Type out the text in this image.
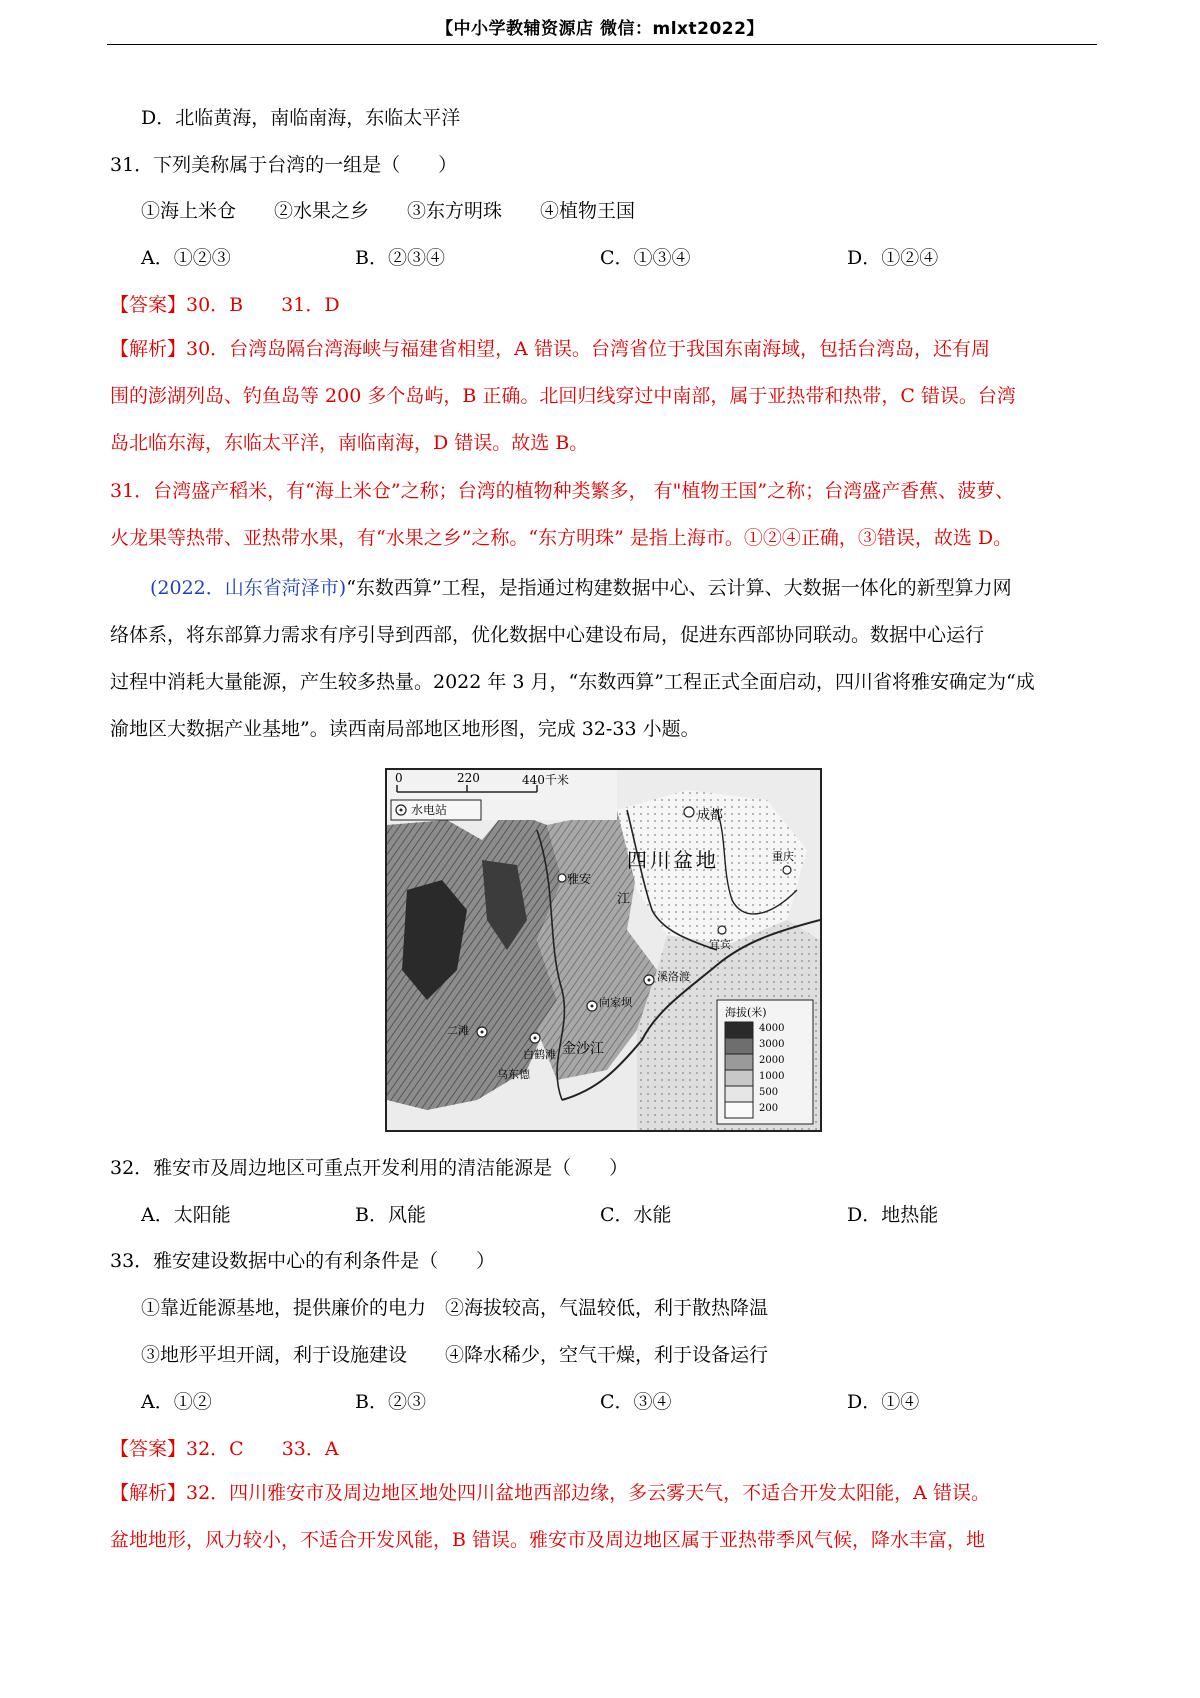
【中小学教辅资源店 微信：mlxt2022】
D．北临黄海，南临南海，东临太平洋
31．下列美称属于台湾的一组是（　　）
①海上米仓　　②水果之乡　　③东方明珠　　④植物王国
A．①②③	B．②③④	C．①③④	D．①②④
【答案】30．B　　31．D
【解析】30．台湾岛隔台湾海峡与福建省相望，A 错误。台湾省位于我国东南海域，包括台湾岛，还有周
围的澎湖列岛、钓鱼岛等 200 多个岛屿，B 正确。北回归线穿过中南部，属于亚热带和热带，C 错误。台湾
岛北临东海，东临太平洋，南临南海，D 错误。故选 B。
31．台湾盛产稻米，有“海上米仓”之称；台湾的植物种类繁多， 有"植物王国”之称；台湾盛产香蕉、菠萝、
火龙果等热带、亚热带水果，有“水果之乡”之称。“东方明珠” 是指上海市。①②④正确，③错误，故选 D。
(2022．山东省菏泽市)“东数西算”工程，是指通过构建数据中心、云计算、大数据一体化的新型算力网
络体系，将东部算力需求有序引导到西部，优化数据中心建设布局，促进东西部协同联动。数据中心运行
过程中消耗大量能源，产生较多热量。2022 年 3 月，“东数西算”工程正式全面启动，四川省将雅安确定为“成
渝地区大数据产业基地”。读西南局部地区地形图，完成 32-33 小题。
0	220	440千米
水电站
四川盆地
成都
雅安
重庆
宜宾
溪洛渡
向家坝
白鹤滩
乌东德
二滩
江
金沙江
海拔(米)
4000
3000
2000
1000
500
200
32．雅安市及周边地区可重点开发利用的清洁能源是（　　）
A．太阳能	B．风能	C．水能	D．地热能
33．雅安建设数据中心的有利条件是（　　）
①靠近能源基地，提供廉价的电力　②海拔较高，气温较低，利于散热降温
③地形平坦开阔，利于设施建设　　④降水稀少，空气干燥，利于设备运行
A．①②	B．②③	C．③④	D．①④
【答案】32．C　　33．A
【解析】32．四川雅安市及周边地区地处四川盆地西部边缘，多云雾天气，不适合开发太阳能，A 错误。
盆地地形，风力较小，不适合开发风能，B 错误。雅安市及周边地区属于亚热带季风气候，降水丰富，地
